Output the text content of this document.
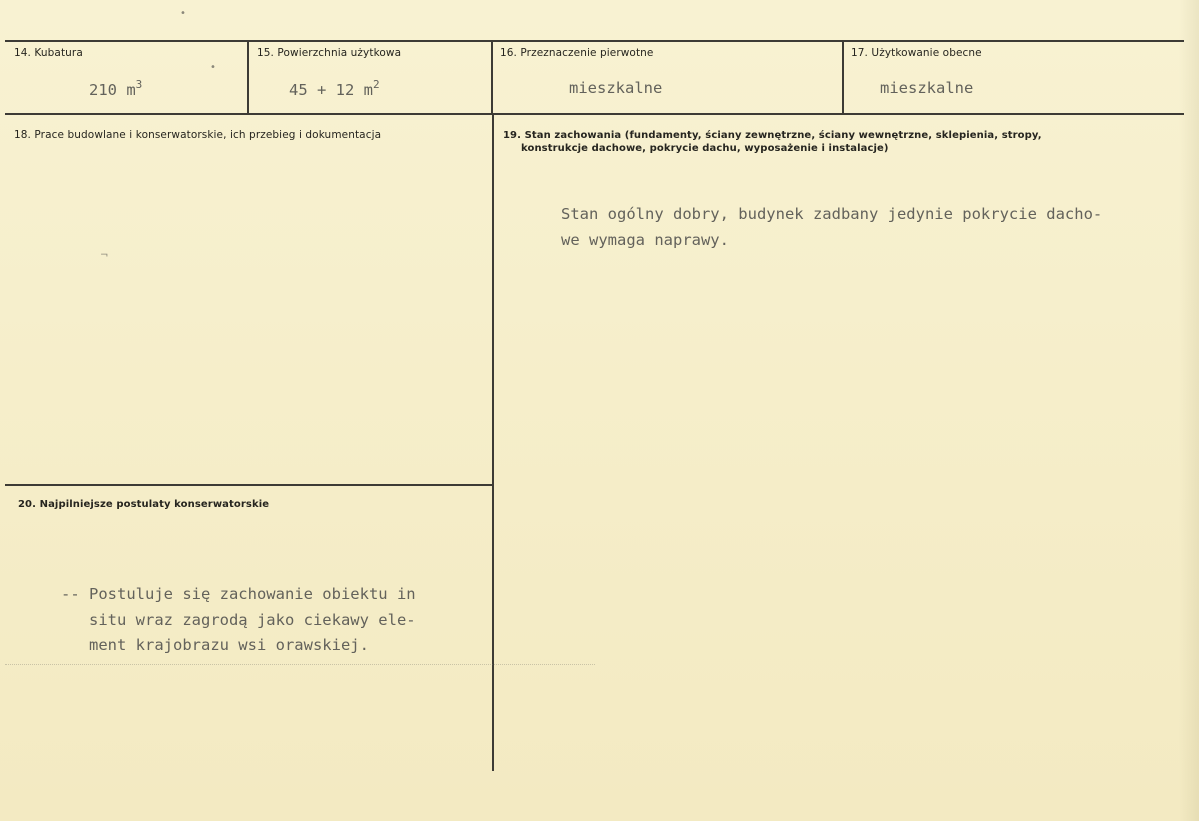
•
•
¬
14. Kubatura
210 $m^3$
15. Powierzchnia użytkowa
45 + 12 $m^2$
16. Przeznaczenie pierwotne
mieszkalne
17. Użytkowanie obecne
mieszkalne
18. Prace budowlane i konserwatorskie, ich przebieg i dokumentacja	19. Stan zachowania (fundamenty, ściany zewnętrzne, ściany wewnętrzne, sklepienia, stropy,
konstrukcje dachowe, pokrycie dachu, wyposażenie i instalacje)
Stan ogólny dobry, budynek zadbany jedynie pokrycie dacho-
we wymaga naprawy.
20. Najpilniejsze postulaty konserwatorskie
-- Postuluje się zachowanie obiektu in
situ wraz zagrodą jako ciekawy ele-
ment krajobrazu wsi orawskiej.
